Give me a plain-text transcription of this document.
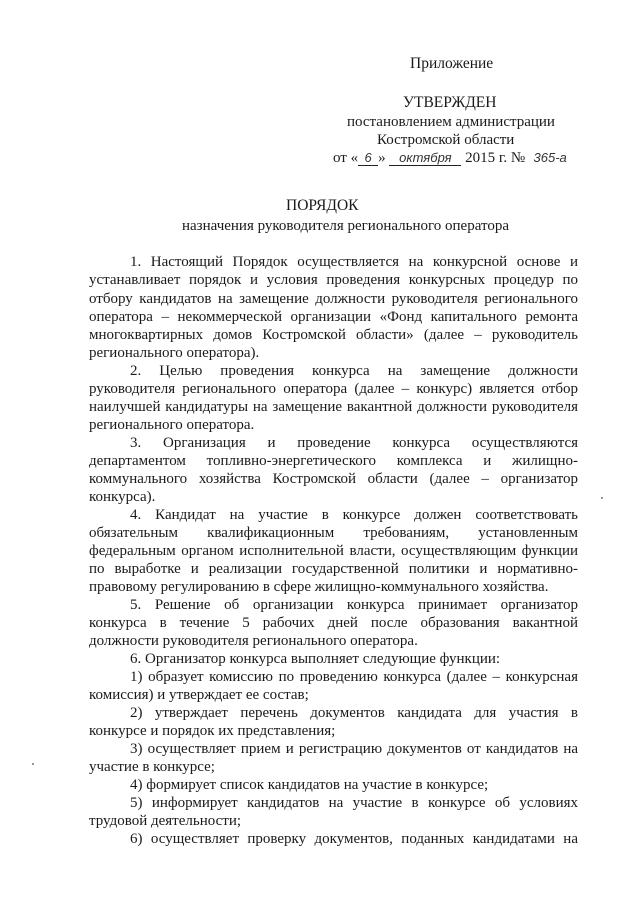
Приложение
УТВЕРЖДЕН
постановлением администрации
Костромской области
от « 6 » октября 2015 г. № 365-а
ПОРЯДОК
назначения руководителя регионального оператора
1. Настоящий Порядок осуществляется на конкурсной основе и
устанавливает порядок и условия проведения конкурсных процедур по
отбору кандидатов на замещение должности руководителя регионального
оператора – некоммерческой организации «Фонд капитального ремонта
многоквартирных домов Костромской области» (далее – руководитель
регионального оператора).
2. Целью проведения конкурса на замещение должности
руководителя регионального оператора (далее – конкурс) является отбор
наилучшей кандидатуры на замещение вакантной должности руководителя
регионального оператора.
3. Организация и проведение конкурса осуществляются
департаментом топливно-энергетического комплекса и жилищно-
коммунального хозяйства Костромской области (далее – организатор
конкурса).
4. Кандидат на участие в конкурсе должен соответствовать
обязательным квалификационным требованиям, установленным
федеральным органом исполнительной власти, осуществляющим функции
по выработке и реализации государственной политики и нормативно-
правовому регулированию в сфере жилищно-коммунального хозяйства.
5. Решение об организации конкурса принимает организатор
конкурса в течение 5 рабочих дней после образования вакантной
должности руководителя регионального оператора.
6. Организатор конкурса выполняет следующие функции:
1) образует комиссию по проведению конкурса (далее – конкурсная
комиссия) и утверждает ее состав;
2) утверждает перечень документов кандидата для участия в
конкурсе и порядок их представления;
3) осуществляет прием и регистрацию документов от кандидатов на
участие в конкурсе;
4) формирует список кандидатов на участие в конкурсе;
5) информирует кандидатов на участие в конкурсе об условиях
трудовой деятельности;
6) осуществляет проверку документов, поданных кандидатами на
